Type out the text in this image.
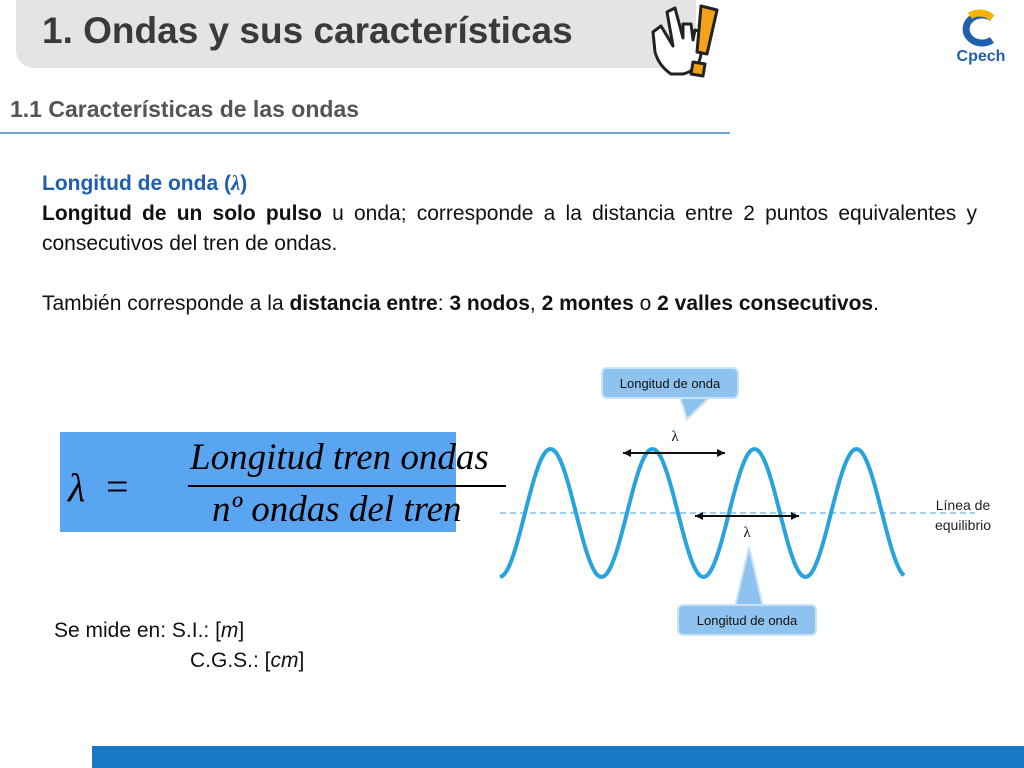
1. Ondas y sus características
Cpech
1.1 Características de las ondas

Longitud de onda (λ)

Longitud de un solo pulso u onda; corresponde a la distancia entre 2 puntos equivalentes y consecutivos del tren de ondas.

También corresponde a la distancia entre: 3 nodos, 2 montes o 2 valles consecutivos.

λ =
Longitud tren ondas
nº ondas del tren
λ
λ
Longitud de onda
Longitud de onda
Línea de
equilibrio
Se mide en: S.I.: [m]
C.G.S.: [cm]
